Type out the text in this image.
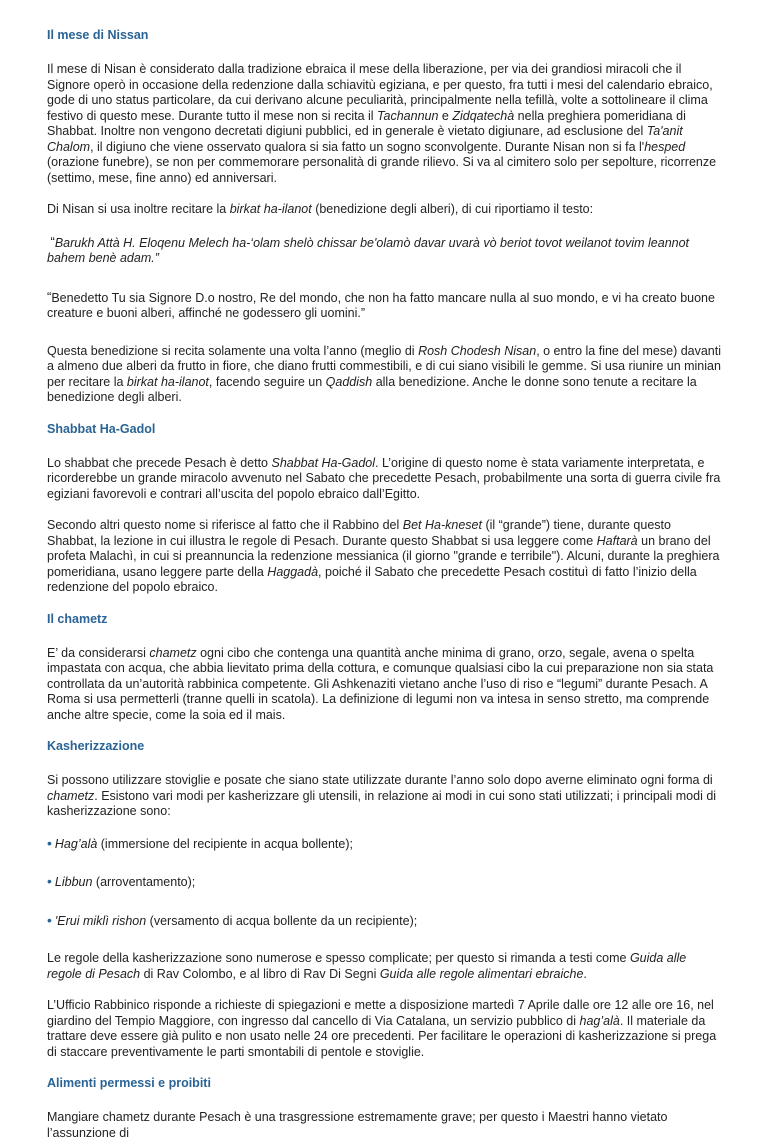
Il mese di Nissan

Il mese di Nisan è considerato dalla tradizione ebraica il mese della liberazione, per via dei grandiosi miracoli che il Signore operò in occasione della redenzione dalla schiavitù egiziana, e per questo, fra tutti i mesi del calendario ebraico, gode di uno status particolare, da cui derivano alcune peculiarità, principalmente nella tefillà, volte a sottolineare il clima festivo di questo mese. Durante tutto il mese non si recita il Tachannun e Zidqatechà nella preghiera pomeridiana di Shabbat. Inoltre non vengono decretati digiuni pubblici, ed in generale è vietato digiunare, ad esclusione del Ta'anit Chalom, il digiuno che viene osservato qualora si sia fatto un sogno sconvolgente. Durante Nisan non si fa l'hesped (orazione funebre), se non per commemorare personalità di grande rilievo. Si va al cimitero solo per sepolture, ricorrenze (settimo, mese, fine anno) ed anniversari.

Di Nisan si usa inoltre recitare la birkat ha-ilanot (benedizione degli alberi), di cui riportiamo il testo:

“Barukh Attà H. Eloqenu Melech ha-‘olam shelò chissar be'olamò davar uvarà vò beriot tovot weilanot tovim leannot bahem benè adam.”
“Benedetto Tu sia Signore D.o nostro, Re del mondo, che non ha fatto mancare nulla al suo mondo, e vi ha creato buone creature e buoni alberi, affinché ne godessero gli uomini.”

Questa benedizione si recita solamente una volta l’anno (meglio di Rosh Chodesh Nisan, o entro la fine del mese) davanti a almeno due alberi da frutto in fiore, che diano frutti commestibili, e di cui siano visibili le gemme. Si usa riunire un minian per recitare la birkat ha-ilanot, facendo seguire un Qaddish alla benedizione. Anche le donne sono tenute a recitare la benedizione degli alberi.

Shabbat Ha-Gadol

Lo shabbat che precede Pesach è detto Shabbat Ha-Gadol. L’origine di questo nome è stata variamente interpretata, e ricorderebbe un grande miracolo avvenuto nel Sabato che precedette Pesach, probabilmente una sorta di guerra civile fra egiziani favorevoli e contrari all’uscita del popolo ebraico dall’Egitto.

Secondo altri questo nome si riferisce al fatto che il Rabbino del Bet Ha-kneset (il “grande”) tiene, durante questo Shabbat, la lezione in cui illustra le regole di Pesach. Durante questo Shabbat si usa leggere come Haftarà un brano del profeta Malachì, in cui si preannuncia la redenzione messianica (il giorno "grande e terribile"). Alcuni, durante la preghiera pomeridiana, usano leggere parte della Haggadà, poiché il Sabato che precedette Pesach costituì di fatto l’inizio della redenzione del popolo ebraico.

Il chametz

E’ da considerarsi chametz ogni cibo che contenga una quantità anche minima di grano, orzo, segale, avena o spelta impastata con acqua, che abbia lievitato prima della cottura, e comunque qualsiasi cibo la cui preparazione non sia stata controllata da un’autorità rabbinica competente. Gli Ashkenaziti vietano anche l’uso di riso e “legumi” durante Pesach. A Roma si usa permetterli (tranne quelli in scatola). La definizione di legumi non va intesa in senso stretto, ma comprende anche altre specie, come la soia ed il mais.

Kasherizzazione

Si possono utilizzare stoviglie e posate che siano state utilizzate durante l’anno solo dopo averne eliminato ogni forma di chametz. Esistono vari modi per kasherizzare gli utensili, in relazione ai modi in cui sono stati utilizzati; i principali modi di kasherizzazione sono:

• Hag’alà (immersione del recipiente in acqua bollente);
• Libbun (arroventamento);
• 'Erui miklì rishon (versamento di acqua bollente da un recipiente);

Le regole della kasherizzazione sono numerose e spesso complicate; per questo si rimanda a testi come Guida alle regole di Pesach di Rav Colombo, e al libro di Rav Di Segni Guida alle regole alimentari ebraiche.

L’Ufficio Rabbinico risponde a richieste di spiegazioni e mette a disposizione martedì 7 Aprile dalle ore 12 alle ore 16, nel giardino del Tempio Maggiore, con ingresso dal cancello di Via Catalana, un servizio pubblico di hag’alà. Il materiale da trattare deve essere già pulito e non usato nelle 24 ore precedenti. Per facilitare le operazioni di kasherizzazione si prega di staccare preventivamente le parti smontabili di pentole e stoviglie.

Alimenti permessi e proibiti

Mangiare chametz durante Pesach è una trasgressione estremamente grave; per questo i Maestri hanno vietato l’assunzione di
